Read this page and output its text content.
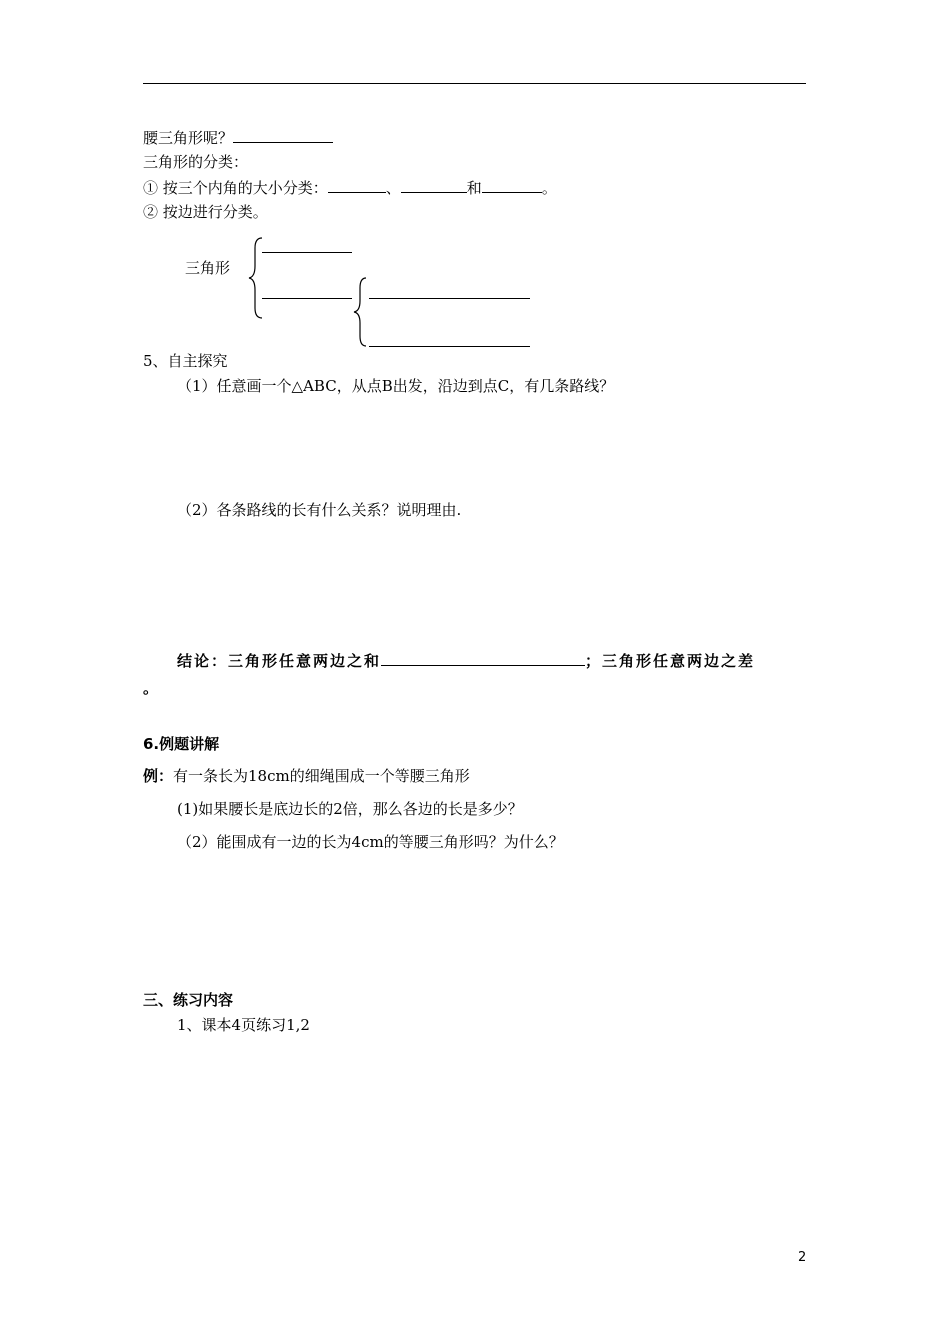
腰三角形呢？
三角形的分类：
① 按三个内角的大小分类：	、	和	。
② 按边进行分类。
三角形
5、自主探究
（1）任意画一个△ABC，从点B出发，沿边到点C，有几条路线？
（2）各条路线的长有什么关系？说明理由.
结论：三角形任意两边之和	；三角形任意两边之差
。
6.例题讲解
例：有一条长为18cm的细绳围成一个等腰三角形
(1)如果腰长是底边长的2倍，那么各边的长是多少？
（2）能围成有一边的长为4cm的等腰三角形吗？为什么？
三、练习内容
1、课本4页练习1,2
2
